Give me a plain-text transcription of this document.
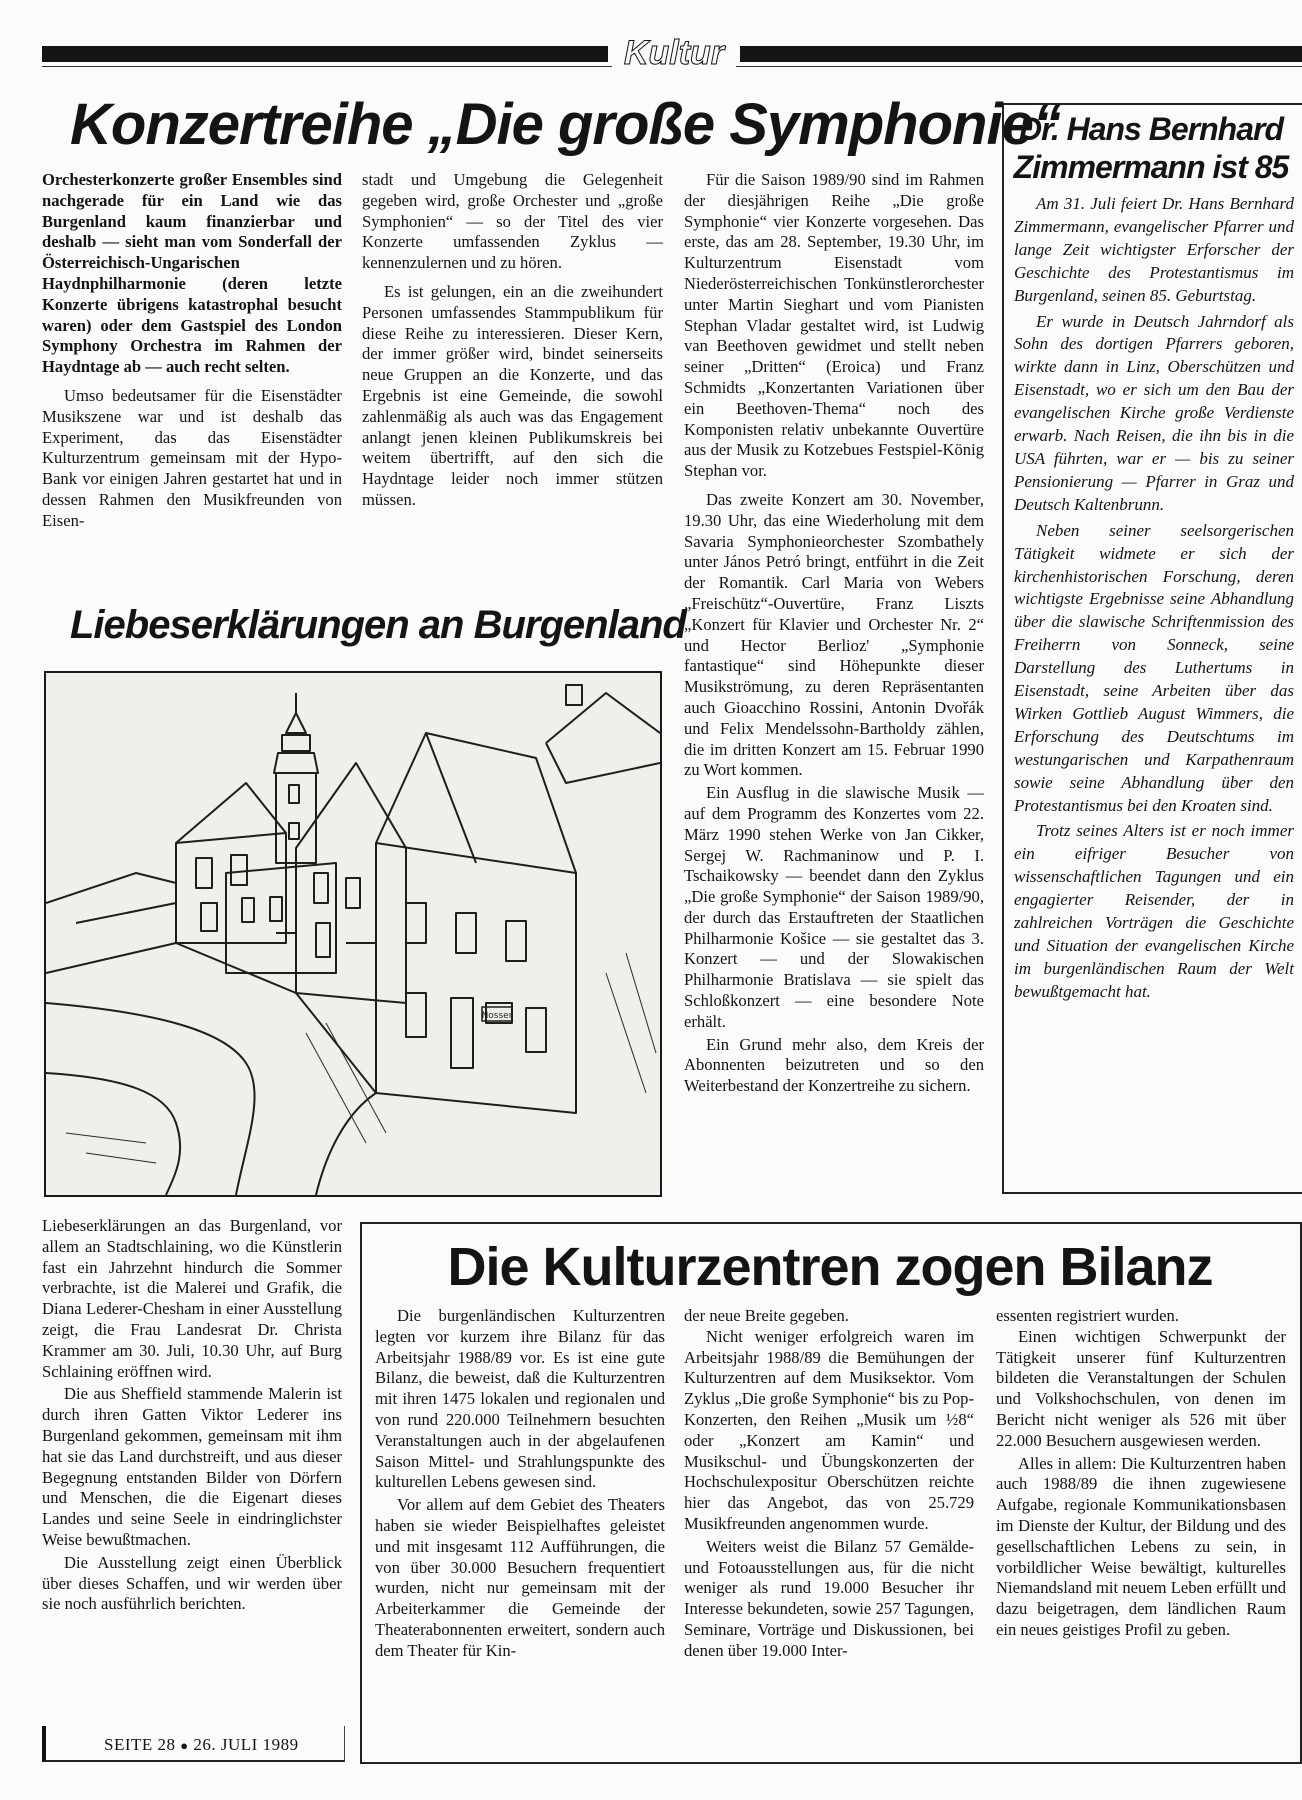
Kultur
Konzertreihe „Die große Symphonie“

Orchesterkonzerte großer Ensembles sind nachgerade für ein Land wie das Burgenland kaum finanzierbar und deshalb — sieht man vom Sonderfall der Österreichisch-Ungarischen Haydnphilharmonie (deren letzte Konzerte übrigens katastrophal besucht waren) oder dem Gastspiel des London Symphony Orchestra im Rahmen der Haydntage ab — auch recht selten.

Umso bedeutsamer für die Eisenstädter Musikszene war und ist deshalb das Experiment, das das Eisenstädter Kulturzentrum gemeinsam mit der Hypo-Bank vor einigen Jahren gestartet hat und in dessen Rahmen den Musikfreunden von Eisen-

stadt und Umgebung die Gelegenheit gegeben wird, große Orchester und „große Symphonien“ — so der Titel des vier Konzerte umfassenden Zyklus — kennenzulernen und zu hören.

Es ist gelungen, ein an die zweihundert Personen umfassendes Stammpublikum für diese Reihe zu interessieren. Dieser Kern, der immer größer wird, bindet seinerseits neue Gruppen an die Konzerte, und das Ergebnis ist eine Gemeinde, die sowohl zahlenmäßig als auch was das Engagement anlangt jenen kleinen Publikumskreis bei weitem übertrifft, auf den sich die Haydntage leider noch immer stützen müssen.

Für die Saison 1989/90 sind im Rahmen der diesjährigen Reihe „Die große Symphonie“ vier Konzerte vorgesehen. Das erste, das am 28. September, 19.30 Uhr, im Kulturzentrum Eisenstadt vom Niederösterreichischen Tonkünstlerorchester unter Martin Sieghart und vom Pianisten Stephan Vladar gestaltet wird, ist Ludwig van Beethoven gewidmet und stellt neben seiner „Dritten“ (Eroica) und Franz Schmidts „Konzertanten Variationen über ein Beethoven-Thema“ noch des Komponisten relativ unbekannte Ouvertüre aus der Musik zu Kotzebues Festspiel-König Stephan vor.

Das zweite Konzert am 30. November, 19.30 Uhr, das eine Wiederholung mit dem Savaria Symphonieorchester Szombathely unter János Petró bringt, entführt in die Zeit der Romantik. Carl Maria von Webers „Freischütz“-Ouvertüre, Franz Liszts „Konzert für Klavier und Orchester Nr. 2“ und Hector Berlioz' „Symphonie fantastique“ sind Höhepunkte dieser Musikströmung, zu deren Repräsentanten auch Gioacchino Rossini, Antonin Dvořák und Felix Mendelssohn-Bartholdy zählen, die im dritten Konzert am 15. Februar 1990 zu Wort kommen.

Ein Ausflug in die slawische Musik — auf dem Programm des Konzertes vom 22. März 1990 stehen Werke von Jan Cikker, Sergej W. Rachmaninow und P. I. Tschaikowsky — beendet dann den Zyklus „Die große Symphonie“ der Saison 1989/90, der durch das Erstauftreten der Staatlichen Philharmonie Košice — sie gestaltet das 3. Konzert — und der Slowakischen Philharmonie Bratislava — sie spielt das Schloßkonzert — eine besondere Note erhält.

Ein Grund mehr also, dem Kreis der Abonnenten beizutreten und so den Weiterbestand der Konzertreihe zu sichern.

Dr. Hans Bernhard Zimmermann ist 85

Am 31. Juli feiert Dr. Hans Bernhard Zimmermann, evangelischer Pfarrer und lange Zeit wichtigster Erforscher der Geschichte des Protestantismus im Burgenland, seinen 85. Geburtstag.

Er wurde in Deutsch Jahrndorf als Sohn des dortigen Pfarrers geboren, wirkte dann in Linz, Oberschützen und Eisenstadt, wo er sich um den Bau der evangelischen Kirche große Verdienste erwarb. Nach Reisen, die ihn bis in die USA führten, war er — bis zu seiner Pensionierung — Pfarrer in Graz und Deutsch Kaltenbrunn.

Neben seiner seelsorgerischen Tätigkeit widmete er sich der kirchenhistorischen Forschung, deren wichtigste Ergebnisse seine Abhandlung über die slawische Schriftenmission des Freiherrn von Sonneck, seine Darstellung des Luthertums in Eisenstadt, seine Arbeiten über das Wirken Gottlieb August Wimmers, die Erforschung des Deutschtums im westungarischen und Karpathenraum sowie seine Abhandlung über den Protestantismus bei den Kroaten sind.

Trotz seines Alters ist er noch immer ein eifriger Besucher von wissenschaftlichen Tagungen und ein engagierter Reisender, der in zahlreichen Vorträgen die Geschichte und Situation der evangelischen Kirche im burgenländischen Raum der Welt bewußtgemacht hat.

Liebeserklärungen an Burgenland
Nosser

Liebeserklärungen an das Burgenland, vor allem an Stadtschlaining, wo die Künstlerin fast ein Jahrzehnt hindurch die Sommer verbrachte, ist die Malerei und Grafik, die Diana Lederer-Chesham in einer Ausstellung zeigt, die Frau Landesrat Dr. Christa Krammer am 30. Juli, 10.30 Uhr, auf Burg Schlaining eröffnen wird.

Die aus Sheffield stammende Malerin ist durch ihren Gatten Viktor Lederer ins Burgenland gekommen, gemeinsam mit ihm hat sie das Land durchstreift, und aus dieser Begegnung entstanden Bilder von Dörfern und Menschen, die die Eigenart dieses Landes und seine Seele in eindringlichster Weise bewußtmachen.

Die Ausstellung zeigt einen Überblick über dieses Schaffen, und wir werden über sie noch ausführlich berichten.

Die Kulturzentren zogen Bilanz

Die burgenländischen Kulturzentren legten vor kurzem ihre Bilanz für das Arbeitsjahr 1988/89 vor. Es ist eine gute Bilanz, die beweist, daß die Kulturzentren mit ihren 1475 lokalen und regionalen und von rund 220.000 Teilnehmern besuchten Veranstaltungen auch in der abgelaufenen Saison Mittel- und Strahlungspunkte des kulturellen Lebens gewesen sind.

Vor allem auf dem Gebiet des Theaters haben sie wieder Beispielhaftes geleistet und mit insgesamt 112 Aufführungen, die von über 30.000 Besuchern frequentiert wurden, nicht nur gemeinsam mit der Arbeiterkammer die Gemeinde der Theaterabonnenten erweitert, sondern auch dem Theater für Kin-

der neue Breite gegeben.

Nicht weniger erfolgreich waren im Arbeitsjahr 1988/89 die Bemühungen der Kulturzentren auf dem Musiksektor. Vom Zyklus „Die große Symphonie“ bis zu Pop-Konzerten, den Reihen „Musik um ½8“ oder „Konzert am Kamin“ und Musikschul- und Übungskonzerten der Hochschulexpositur Oberschützen reichte hier das Angebot, das von 25.729 Musikfreunden angenommen wurde.

Weiters weist die Bilanz 57 Gemälde- und Fotoausstellungen aus, für die nicht weniger als rund 19.000 Besucher ihr Interesse bekundeten, sowie 257 Tagungen, Seminare, Vorträge und Diskussionen, bei denen über 19.000 Inter-

essenten registriert wurden.

Einen wichtigen Schwerpunkt der Tätigkeit unserer fünf Kulturzentren bildeten die Veranstaltungen der Schulen und Volkshochschulen, von denen im Bericht nicht weniger als 526 mit über 22.000 Besuchern ausgewiesen werden.

Alles in allem: Die Kulturzentren haben auch 1988/89 die ihnen zugewiesene Aufgabe, regionale Kommunikationsbasen im Dienste der Kultur, der Bildung und des gesellschaftlichen Lebens zu sein, in vorbildlicher Weise bewältigt, kulturelles Niemandsland mit neuem Leben erfüllt und dazu beigetragen, dem ländlichen Raum ein neues geistiges Profil zu geben.

SEITE 28 ● 26. JULI 1989
